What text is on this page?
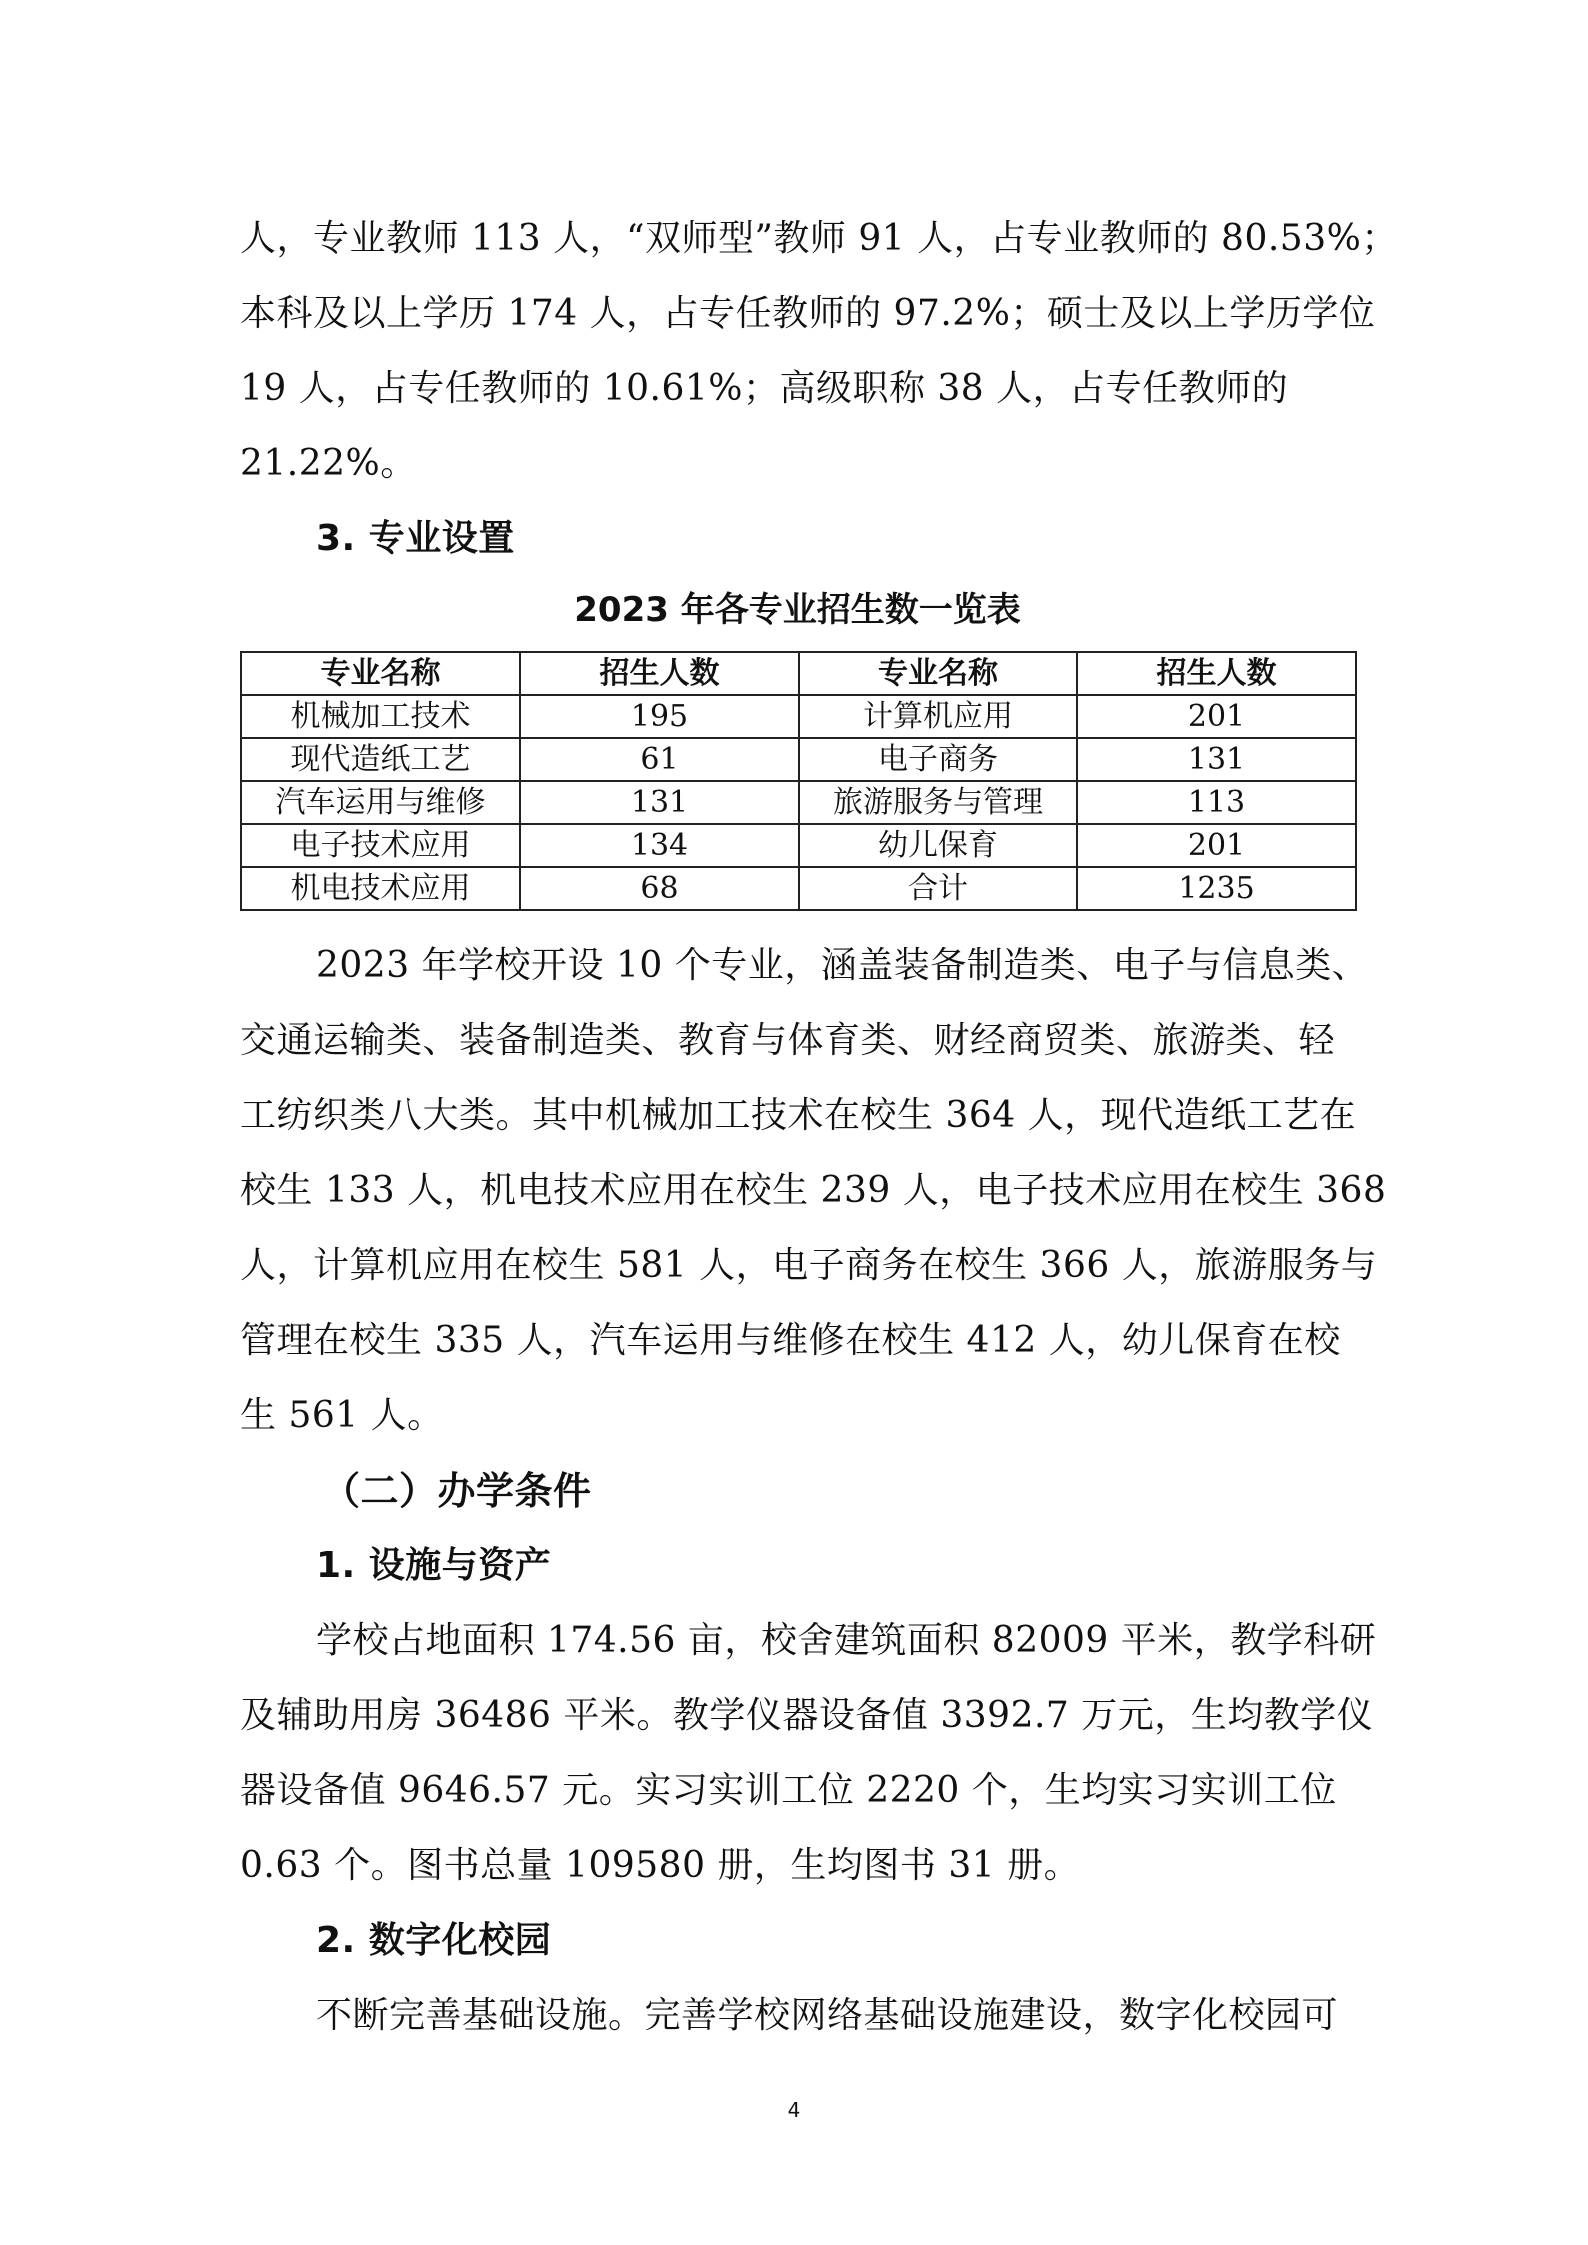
人，专业教师 113 人，“双师型”教师 91 人，占专业教师的 80.53%；
本科及以上学历 174 人，占专任教师的 97.2%；硕士及以上学历学位
19 人，占专任教师的 10.61%；高级职称 38 人，占专任教师的
21.22%。
3. 专业设置
2023 年各专业招生数一览表
专业名称	招生人数	专业名称	招生人数
机械加工技术	195	计算机应用	201
现代造纸工艺	61	电子商务	131
汽车运用与维修	131	旅游服务与管理	113
电子技术应用	134	幼儿保育	201
机电技术应用	68	合计	1235
2023 年学校开设 10 个专业，涵盖装备制造类、电子与信息类、
交通运输类、装备制造类、教育与体育类、财经商贸类、旅游类、轻
工纺织类八大类。其中机械加工技术在校生 364 人，现代造纸工艺在
校生 133 人，机电技术应用在校生 239 人，电子技术应用在校生 368
人，计算机应用在校生 581 人，电子商务在校生 366 人，旅游服务与
管理在校生 335 人，汽车运用与维修在校生 412 人，幼儿保育在校
生 561 人。
（二）办学条件
1. 设施与资产
学校占地面积 174.56 亩，校舍建筑面积 82009 平米，教学科研
及辅助用房 36486 平米。教学仪器设备值 3392.7 万元，生均教学仪
器设备值 9646.57 元。实习实训工位 2220 个，生均实习实训工位
0.63 个。图书总量 109580 册，生均图书 31 册。
2. 数字化校园
不断完善基础设施。完善学校网络基础设施建设，数字化校园可
4
